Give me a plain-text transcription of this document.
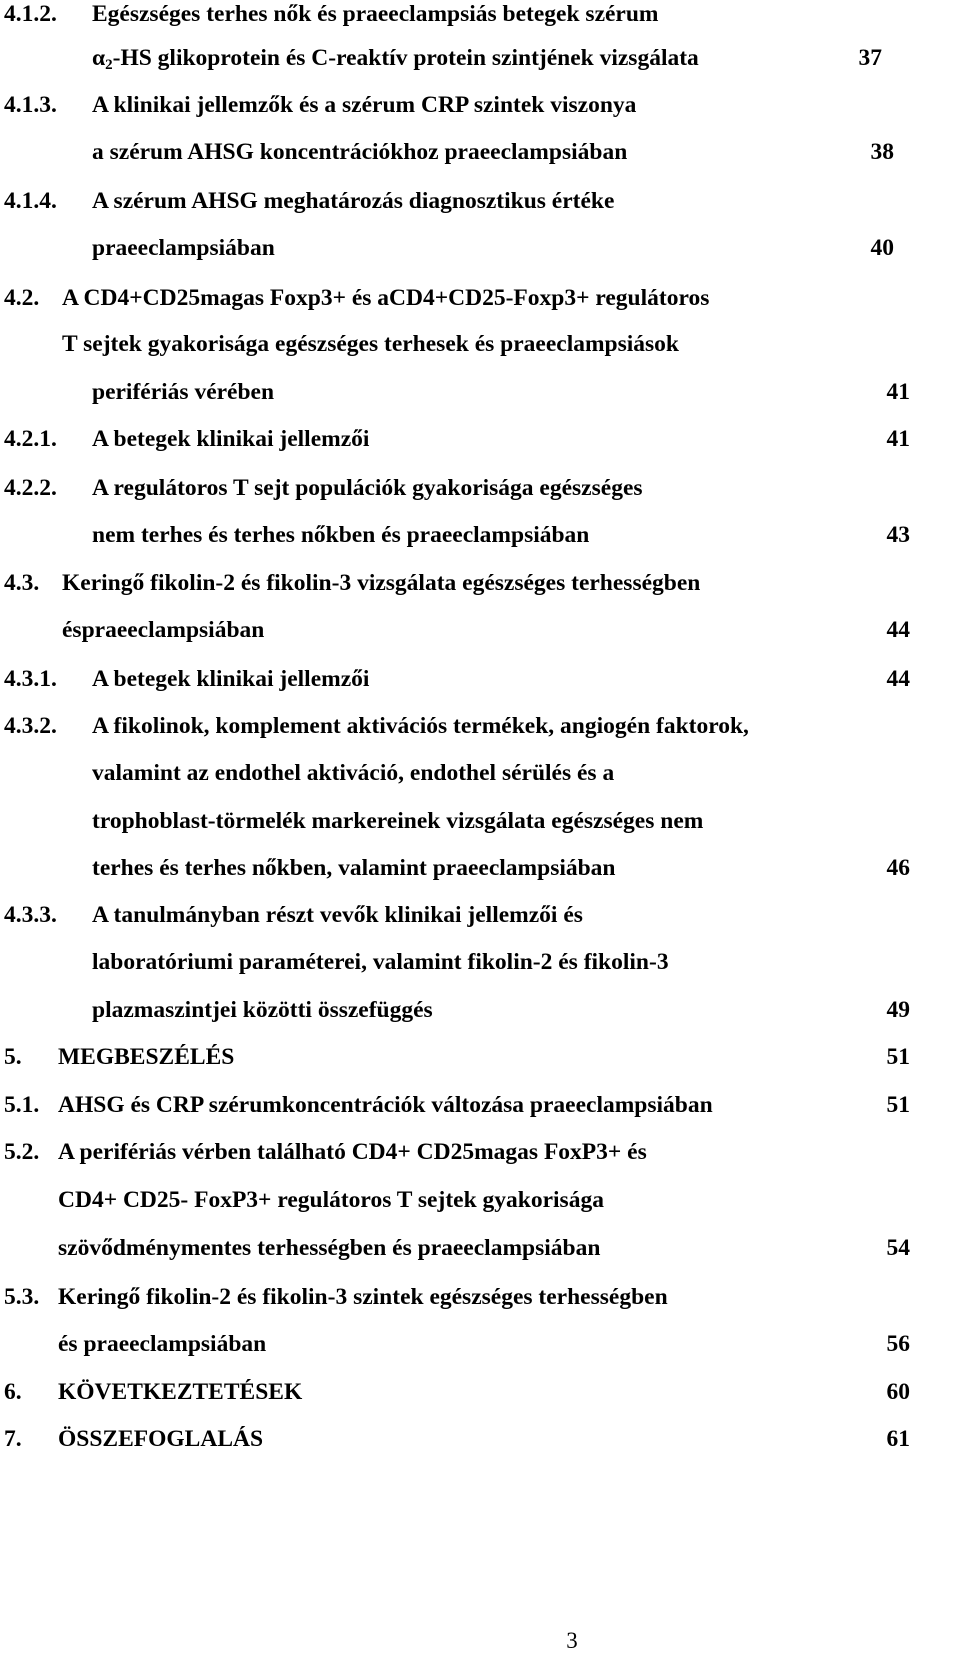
4.1.2. Egészséges terhes nők és praeeclampsiás betegek szérum
$\alpha_2-HS$ glikoprotein és C-reaktív protein szintjének vizsgálata	37
4.1.3. A klinikai jellemzők és a szérum CRP szintek viszonya
a szérum AHSG koncentrációkhoz praeeclampsiában	38
4.1.4. A szérum AHSG meghatározás diagnosztikus értéke
praeeclampsiában	40
4.2. A CD4+CD25magas Foxp3+ és aCD4+CD25-Foxp3+ regulátoros
T sejtek gyakorisága egészséges terhesek és praeeclampsiások
perifériás vérében	41
4.2.1. A betegek klinikai jellemzői	41
4.2.2. A regulátoros T sejt populációk gyakorisága egészséges
nem terhes és terhes nőkben és praeeclampsiában	43
4.3. Keringő fikolin-2 és fikolin-3 vizsgálata egészséges terhességben
éspraeeclampsiában	44
4.3.1. A betegek klinikai jellemzői	44
4.3.2. A fikolinok, komplement aktivációs termékek, angiogén faktorok,
valamint az endothel aktiváció, endothel sérülés és a
trophoblast-törmelék markereinek vizsgálata egészséges nem
terhes és terhes nőkben, valamint praeeclampsiában	46
4.3.3. A tanulmányban részt vevők klinikai jellemzői és
laboratóriumi paraméterei, valamint fikolin-2 és fikolin-3
plazmaszintjei közötti összefüggés	49
5. MEGBESZÉLÉS	51
5.1. AHSG és CRP szérumkoncentrációk változása praeeclampsiában	51
5.2. A perifériás vérben található CD4+ CD25magas FoxP3+ és
CD4+ CD25- FoxP3+ regulátoros T sejtek gyakorisága
szövődménymentes terhességben és praeeclampsiában	54
5.3. Keringő fikolin-2 és fikolin-3 szintek egészséges terhességben
és praeeclampsiában	56
6. KÖVETKEZTETÉSEK	60
7. ÖSSZEFOGLALÁS	61
3
